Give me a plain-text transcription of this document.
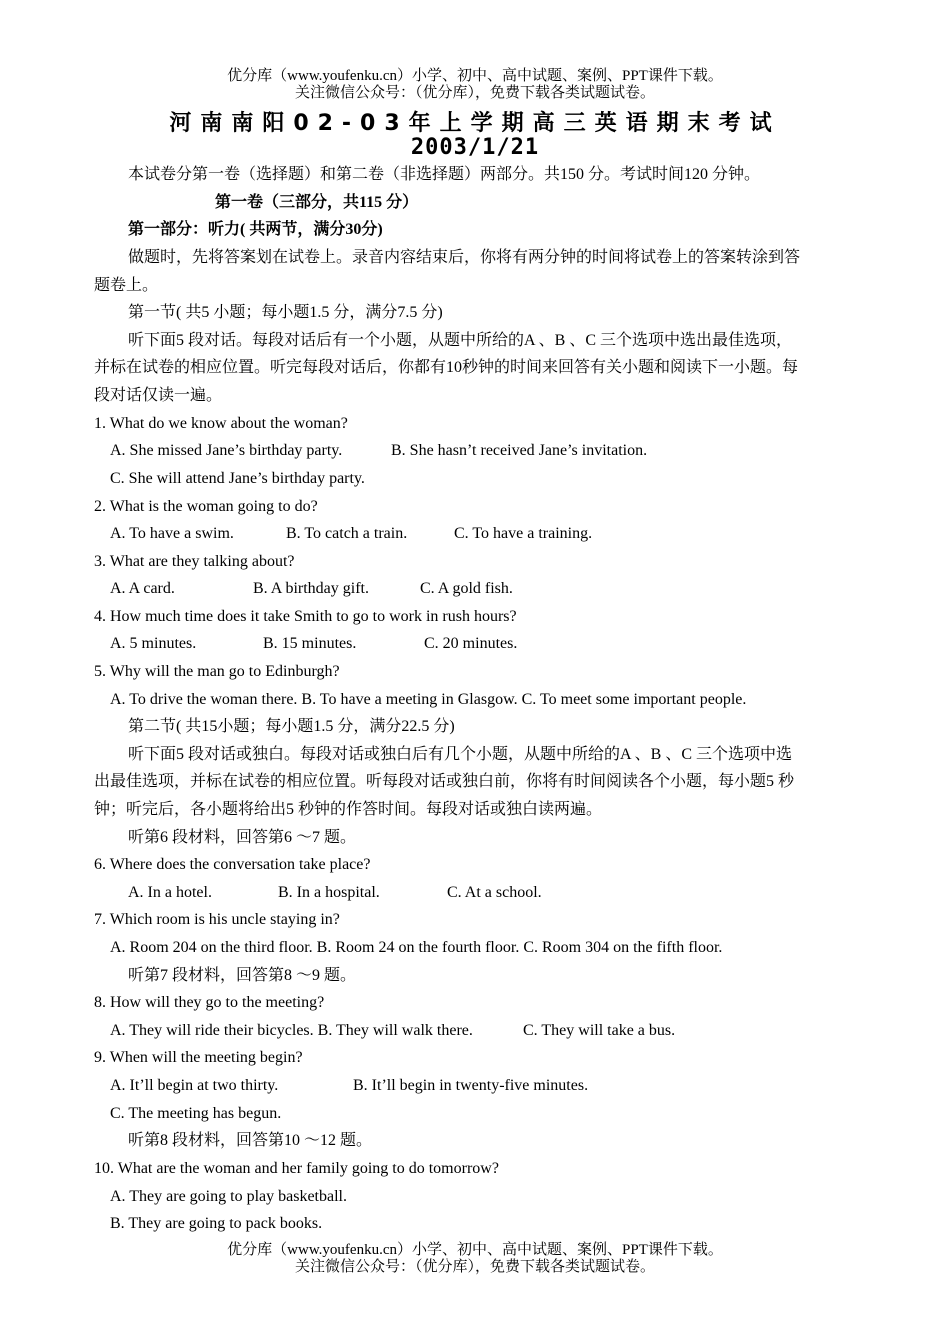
优分库（www.youfenku.cn）小学、初中、高中试题、案例、PPT课件下载。
关注微信公众号：（优分库），免费下载各类试题试卷。
河南南阳02-03年上学期高三英语期末考试
2003/1/21
本试卷分第一卷（选择题）和第二卷（非选择题）两部分。共150 分。考试时间120 分钟。
第一卷（三部分，共115 分）
第一部分：听力( 共两节，满分30分)
做题时，先将答案划在试卷上。录音内容结束后，你将有两分钟的时间将试卷上的答案转涂到答
题卷上。
第一节( 共5 小题；每小题1.5 分，满分7.5 分)
听下面5 段对话。每段对话后有一个小题，从题中所给的A 、B 、C 三个选项中选出最佳选项，
并标在试卷的相应位置。听完每段对话后，你都有10秒钟的时间来回答有关小题和阅读下一小题。每
段对话仅读一遍。
1. What do we know about the woman?
A. She missed Jane’s birthday party.	B. She hasn’t received Jane’s invitation.
C. She will attend Jane’s birthday party.
2. What is the woman going to do?
A. To have a swim.	B. To catch a train.	C. To have a training.
3. What are they talking about?
A. A card.	B. A birthday gift.	C. A gold fish.
4. How much time does it take Smith to go to work in rush hours?
A. 5 minutes.	B. 15 minutes.	C. 20 minutes.
5. Why will the man go to Edinburgh?
A. To drive the woman there. B. To have a meeting in Glasgow. C. To meet some important people.
第二节( 共15小题；每小题1.5 分，满分22.5 分)
听下面5 段对话或独白。每段对话或独白后有几个小题，从题中所给的A 、B 、C 三个选项中选
出最佳选项，并标在试卷的相应位置。听每段对话或独白前，你将有时间阅读各个小题，每小题5 秒
钟；听完后，各小题将给出5 秒钟的作答时间。每段对话或独白读两遍。
听第6 段材料，回答第6 ～7 题。
6. Where does the conversation take place?
A. In a hotel.	B. In a hospital.	C. At a school.
7. Which room is his uncle staying in?
A. Room 204 on the third floor. B. Room 24 on the fourth floor. C. Room 304 on the fifth floor.
听第7 段材料，回答第8 ～9 题。
8. How will they go to the meeting?
A. They will ride their bicycles. B. They will walk there.	C. They will take a bus.
9. When will the meeting begin?
A. It’ll begin at two thirty.	B. It’ll begin in twenty-five minutes.
C. The meeting has begun.
听第8 段材料，回答第10 ～12 题。
10. What are the woman and her family going to do tomorrow?
A. They are going to play basketball.
B. They are going to pack books.
优分库（www.youfenku.cn）小学、初中、高中试题、案例、PPT课件下载。
关注微信公众号：（优分库），免费下载各类试题试卷。
